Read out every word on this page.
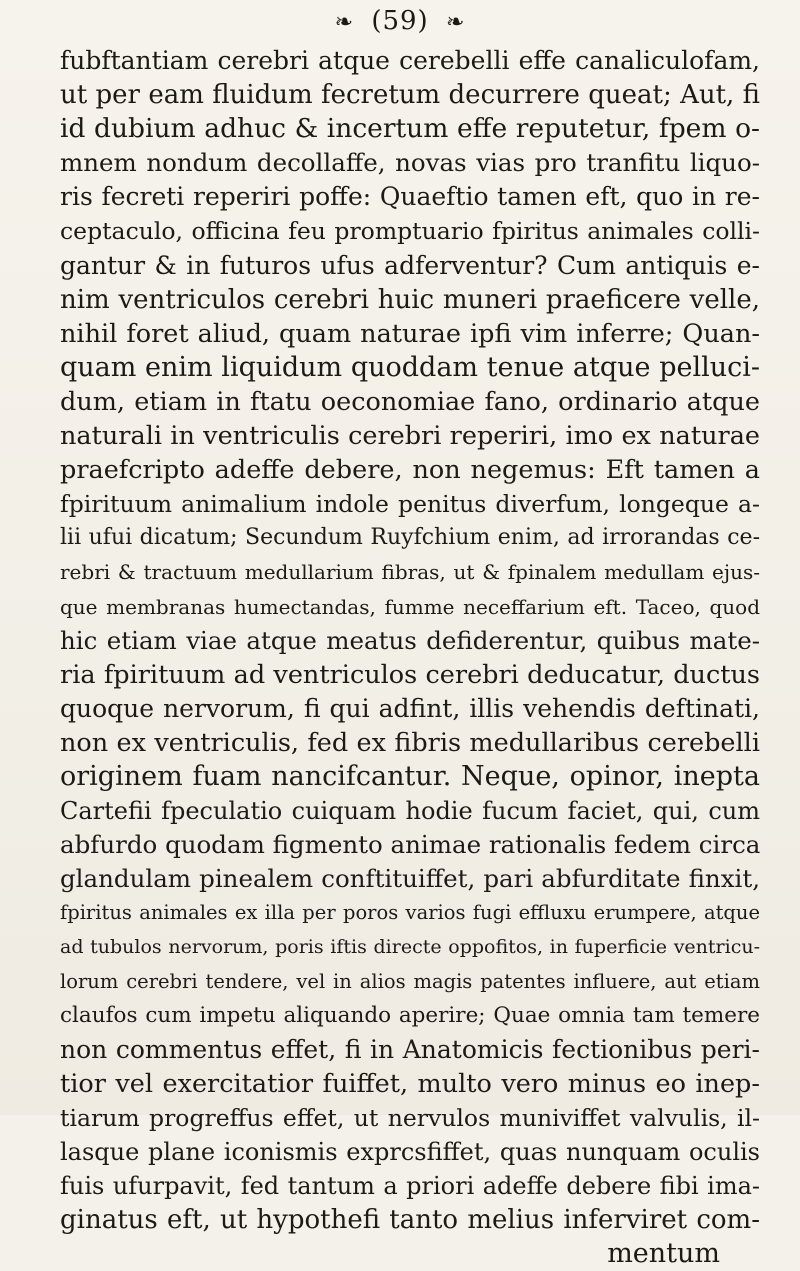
❧ (59) ❧
fubftantiam cerebri atque cerebelli effe canaliculofam,
ut per eam fluidum fecretum decurrere queat; Aut, fi
id dubium adhuc & incertum effe reputetur, fpem o-
mnem nondum decollaffe, novas vias pro tranfitu liquo-
ris fecreti reperiri poffe: Quaeftio tamen eft, quo in re-
ceptaculo, officina feu promptuario fpiritus animales colli-
gantur & in futuros ufus adferventur? Cum antiquis e-
nim ventriculos cerebri huic muneri praeficere velle,
nihil foret aliud, quam naturae ipfi vim inferre; Quan-
quam enim liquidum quoddam tenue atque pelluci-
dum, etiam in ftatu oeconomiae fano, ordinario atque
naturali in ventriculis cerebri reperiri, imo ex naturae
praefcripto adeffe debere, non negemus: Eft tamen a
fpirituum animalium indole penitus diverfum, longeque a-
lii ufui dicatum; Secundum Ruyfchium enim, ad irrorandas ce-
rebri & tractuum medullarium fibras, ut & fpinalem medullam ejus-
que membranas humectandas, fumme neceffarium eft. Taceo, quod
hic etiam viae atque meatus defiderentur, quibus mate-
ria fpirituum ad ventriculos cerebri deducatur, ductus
quoque nervorum, fi qui adfint, illis vehendis deftinati,
non ex ventriculis, fed ex fibris medullaribus cerebelli
originem fuam nancifcantur. Neque, opinor, inepta
Cartefii fpeculatio cuiquam hodie fucum faciet, qui, cum
abfurdo quodam figmento animae rationalis fedem circa
glandulam pinealem conftituiffet, pari abfurditate finxit,
fpiritus animales ex illa per poros varios fugi effluxu erumpere, atque
ad tubulos nervorum, poris iftis directe oppofitos, in fuperficie ventricu-
lorum cerebri tendere, vel in alios magis patentes influere, aut etiam
claufos cum impetu aliquando aperire; Quae omnia tam temere
non commentus effet, fi in Anatomicis fectionibus peri-
tior vel exercitatior fuiffet, multo vero minus eo inep-
tiarum progreffus effet, ut nervulos muniviffet valvulis, il-
lasque plane iconismis exprcsfiffet, quas nunquam oculis
fuis ufurpavit, fed tantum a priori adeffe debere fibi ima-
ginatus eft, ut hypothefi tanto melius inferviret com-
mentum
